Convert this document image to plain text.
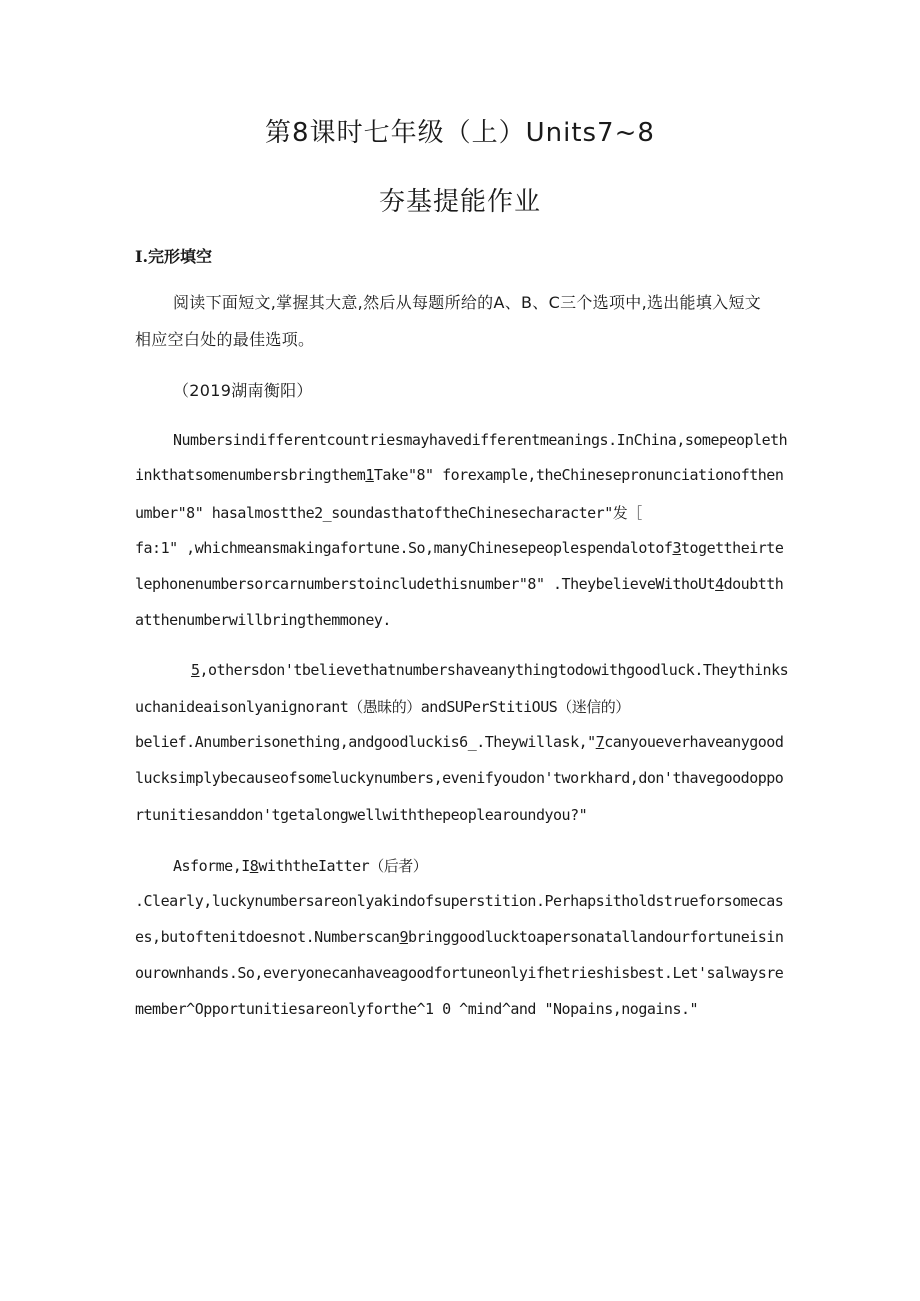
第8课时七年级（上）Units7~8
夯基提能作业
I.完形填空
阅读下面短文,掌握其大意,然后从每题所给的A、B、C三个选项中,选出能填入短文
相应空白处的最佳选项。
（2019湖南衡阳）
Numbersindifferentcountriesmayhavedifferentmeanings.InChina,somepeopleth
inkthatsomenumbersbringthem1Take"8" forexample,theChinesepronunciationofthen
umber"8" hasalmostthe2_soundasthatoftheChinesecharacter"发［
fa:1" ,whichmeansmakingafortune.So,manyChinesepeoplespendalotof3togettheirte
lephonenumbersorcarnumberstoincludethisnumber"8" .TheybelieveWithoUt4doubtth
atthenumberwillbringthemmoney.
5,othersdon'tbelievethatnumbershaveanythingtodowithgoodluck.Theythinks
uchanideaisonlyanignorant（愚昧的）andSUPerStitiOUS（迷信的）
belief.Anumberisonething,andgoodluckis6_.Theywillask,"7canyoueverhaveanygood
lucksimplybecauseofsomeluckynumbers,evenifyoudon'tworkhard,don'thavegoodoppo
rtunitiesanddon'tgetalongwellwiththepeoplearoundyou?"
Asforme,I8withtheIatter（后者）
.Clearly,luckynumbersareonlyakindofsuperstition.Perhapsitholdstrueforsomecas
es,butoftenitdoesnot.Numberscan9bringgoodlucktoapersonatallandourfortuneisin
ourownhands.So,everyonecanhaveagoodfortuneonlyifhetrieshisbest.Let'salwaysre
member^Opportunitiesareonlyforthe^1 0 ^mind^and "Nopains,nogains."
